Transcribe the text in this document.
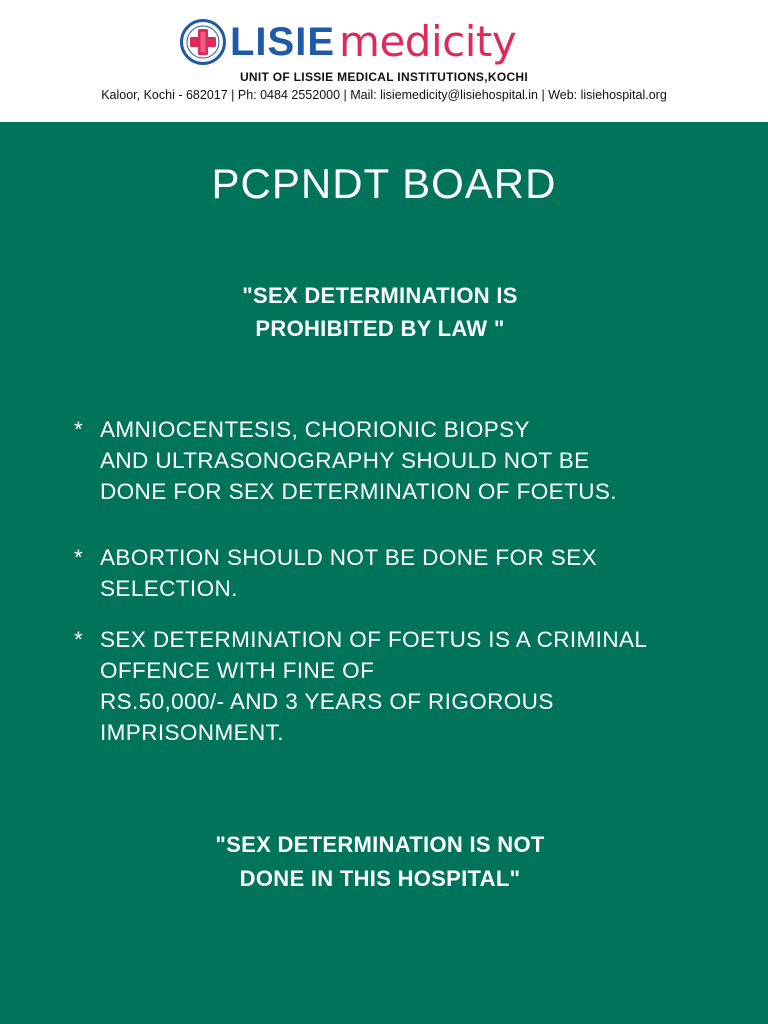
LISIE medicity
UNIT OF LISSIE MEDICAL INSTITUTIONS,KOCHI
Kaloor, Kochi - 682017 | Ph: 0484 2552000 | Mail: lisiemedicity@lisiehospital.in | Web: lisiehospital.org
PCPNDT BOARD
"SEX DETERMINATION IS
PROHIBITED BY LAW "
* AMNIOCENTESIS, CHORIONIC BIOPSY
AND ULTRASONOGRAPHY SHOULD NOT BE
DONE FOR SEX DETERMINATION OF FOETUS.
* ABORTION SHOULD NOT BE DONE FOR SEX
SELECTION.
* SEX DETERMINATION OF FOETUS IS A CRIMINAL
OFFENCE WITH FINE OF
RS.50,000/- AND 3 YEARS OF RIGOROUS
IMPRISONMENT.
"SEX DETERMINATION IS NOT
DONE IN THIS HOSPITAL"
